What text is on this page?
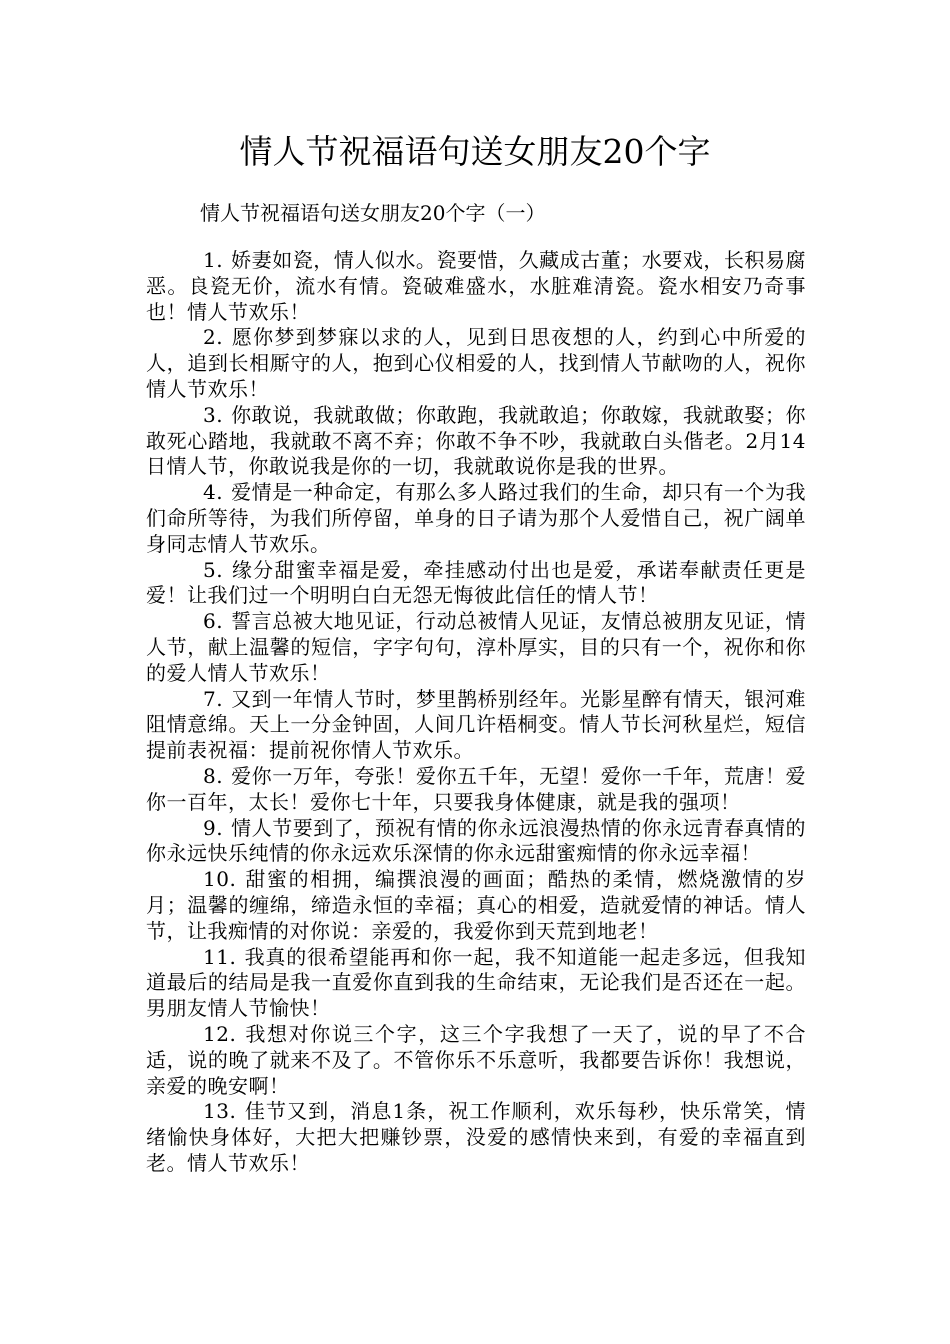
情人节祝福语句送女朋友20个字
情人节祝福语句送女朋友20个字（一）

1. 娇妻如瓷，情人似水。瓷要惜，久藏成古董；水要戏，长积易腐恶。良瓷无价，流水有情。瓷破难盛水，水脏难清瓷。瓷水相安乃奇事也！情人节欢乐！

2. 愿你梦到梦寐以求的人，见到日思夜想的人，约到心中所爱的人，追到长相厮守的人，抱到心仪相爱的人，找到情人节献吻的人，祝你情人节欢乐！

3. 你敢说，我就敢做；你敢跑，我就敢追；你敢嫁，我就敢娶；你敢死心踏地，我就敢不离不弃；你敢不争不吵，我就敢白头偕老。2月14日情人节，你敢说我是你的一切，我就敢说你是我的世界。

4. 爱情是一种命定，有那么多人路过我们的生命，却只有一个为我们命所等待，为我们所停留，单身的日子请为那个人爱惜自己，祝广阔单身同志情人节欢乐。

5. 缘分甜蜜幸福是爱，牵挂感动付出也是爱，承诺奉献责任更是爱！让我们过一个明明白白无怨无悔彼此信任的情人节！

6. 誓言总被大地见证，行动总被情人见证，友情总被朋友见证，情人节，献上温馨的短信，字字句句，淳朴厚实，目的只有一个，祝你和你的爱人情人节欢乐！

7. 又到一年情人节时，梦里鹊桥别经年。光影星醉有情天，银河难阻情意绵。天上一分金钟固，人间几许梧桐变。情人节长河秋星烂，短信提前表祝福：提前祝你情人节欢乐。

8. 爱你一万年，夸张！爱你五千年，无望！爱你一千年，荒唐！爱你一百年，太长！爱你七十年，只要我身体健康，就是我的强项！

9. 情人节要到了，预祝有情的你永远浪漫热情的你永远青春真情的你永远快乐纯情的你永远欢乐深情的你永远甜蜜痴情的你永远幸福！

10. 甜蜜的相拥，编撰浪漫的画面；酷热的柔情，燃烧激情的岁月；温馨的缠绵，缔造永恒的幸福；真心的相爱，造就爱情的神话。情人节，让我痴情的对你说：亲爱的，我爱你到天荒到地老！

11. 我真的很希望能再和你一起，我不知道能一起走多远，但我知道最后的结局是我一直爱你直到我的生命结束，无论我们是否还在一起。男朋友情人节愉快！

12. 我想对你说三个字，这三个字我想了一天了，说的早了不合适，说的晚了就来不及了。不管你乐不乐意听，我都要告诉你！我想说，亲爱的晚安啊！

13. 佳节又到，消息1条，祝工作顺利，欢乐每秒，快乐常笑，情绪愉快身体好，大把大把赚钞票，没爱的感情快来到，有爱的幸福直到老。情人节欢乐！
